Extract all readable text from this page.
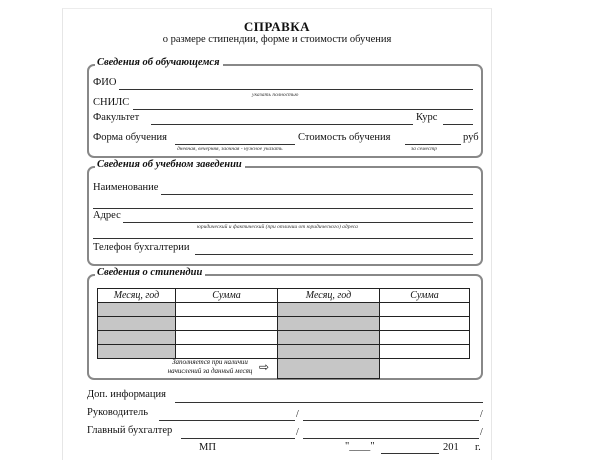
СПРАВКА
о размере стипендии, форме и стоимости обучения
Сведения об обучающемся
ФИО
указать полностью
СНИЛС
Факультет	Курс
Форма обучения
дневная, вечерняя, заочная - нужное указать
Стоимость обучения
за семестр
руб
Сведения об учебном заведении
Наименование
Адрес
юридический и фактический (при отличии от юридического) адреса
Телефон бухгалтерии
Сведения о стипендии
Месяц, год	Сумма	Месяц, год	Сумма

Заполняется при наличии
начислений за данный месяц ⇨
Доп. информация
Руководитель	/	/
Главный бухгалтер	/	/
МП	"____"	201 г.
